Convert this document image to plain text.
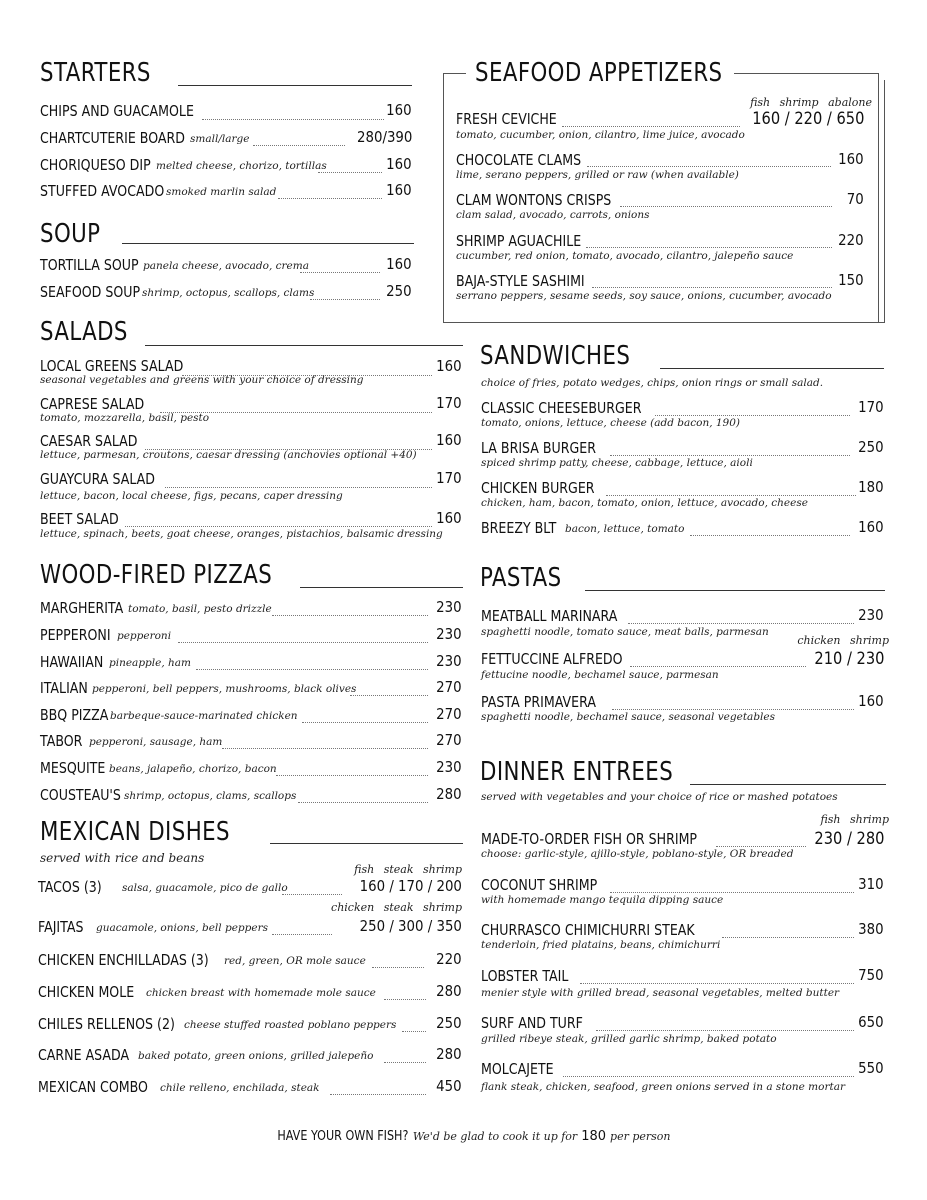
STARTERS
CHIPS AND GUACAMOLE	160
CHARTCUTERIE BOARD small/large	280/390
CHORIQUESO DIP melted cheese, chorizo, tortillas	160
STUFFED AVOCADO smoked marlin salad	160
SOUP
TORTILLA SOUP panela cheese, avocado, crema	160
SEAFOOD SOUP shrimp, octopus, scallops, clams	250
SALADS
LOCAL GREENS SALAD	160
seasonal vegetables and greens with your choice of dressing
CAPRESE SALAD	170
tomato, mozzarella, basil, pesto
CAESAR SALAD	160
lettuce, parmesan, croutons, caesar dressing (anchovies optional +40)
GUAYCURA SALAD	170
lettuce, bacon, local cheese, figs, pecans, caper dressing
BEET SALAD	160
lettuce, spinach, beets, goat cheese, oranges, pistachios, balsamic dressing
WOOD-FIRED PIZZAS
MARGHERITA tomato, basil, pesto drizzle	230
PEPPERONI pepperoni	230
HAWAIIAN pineapple, ham	230
ITALIAN pepperoni, bell peppers, mushrooms, black olives	270
BBQ PIZZA barbeque-sauce-marinated chicken	270
TABOR pepperoni, sausage, ham	270
MESQUITE beans, jalapeño, chorizo, bacon	230
COUSTEAU'S shrimp, octopus, clams, scallops	280
MEXICAN DISHES
served with rice and beans
fish steak shrimp
TACOS (3) salsa, guacamole, pico de gallo	160 / 170 / 200
chicken steak shrimp
FAJITAS guacamole, onions, bell peppers	250 / 300 / 350
CHICKEN ENCHILLADAS (3) red, green, OR mole sauce	220
CHICKEN MOLE chicken breast with homemade mole sauce	280
CHILES RELLENOS (2) cheese stuffed roasted poblano peppers	250
CARNE ASADA baked potato, green onions, grilled jalepeño	280
MEXICAN COMBO chile relleno, enchilada, steak	450
SEAFOOD APPETIZERS
fish shrimp abalone
FRESH CEVICHE	160 / 220 / 650
tomato, cucumber, onion, cilantro, lime juice, avocado
CHOCOLATE CLAMS	160
lime, serano peppers, grilled or raw (when available)
CLAM WONTONS CRISPS	70
clam salad, avocado, carrots, onions
SHRIMP AGUACHILE	220
cucumber, red onion, tomato, avocado, cilantro, jalepeño sauce
BAJA-STYLE SASHIMI	150
serrano peppers, sesame seeds, soy sauce, onions, cucumber, avocado
SANDWICHES
choice of fries, potato wedges, chips, onion rings or small salad.
CLASSIC CHEESEBURGER	170
tomato, onions, lettuce, cheese (add bacon, 190)
LA BRISA BURGER	250
spiced shrimp patty, cheese, cabbage, lettuce, aioli
CHICKEN BURGER	180
chicken, ham, bacon, tomato, onion, lettuce, avocado, cheese
BREEZY BLT bacon, lettuce, tomato	160
PASTAS
MEATBALL MARINARA	230
spaghetti noodle, tomato sauce, meat balls, parmesan
chicken shrimp
FETTUCCINE ALFREDO	210 / 230
fettucine noodle, bechamel sauce, parmesan
PASTA PRIMAVERA	160
spaghetti noodle, bechamel sauce, seasonal vegetables
DINNER ENTREES
served with vegetables and your choice of rice or mashed potatoes
fish shrimp
MADE-TO-ORDER FISH OR SHRIMP	230 / 280
choose: garlic-style, ajillo-style, poblano-style, OR breaded
COCONUT SHRIMP	310
with homemade mango tequila dipping sauce
CHURRASCO CHIMICHURRI STEAK	380
tenderloin, fried platains, beans, chimichurri
LOBSTER TAIL	750
menier style with grilled bread, seasonal vegetables, melted butter
SURF AND TURF	650
grilled ribeye steak, grilled garlic shrimp, baked potato
MOLCAJETE	550
flank steak, chicken, seafood, green onions served in a stone mortar
HAVE YOUR OWN FISH? We'd be glad to cook it up for 180 per person
